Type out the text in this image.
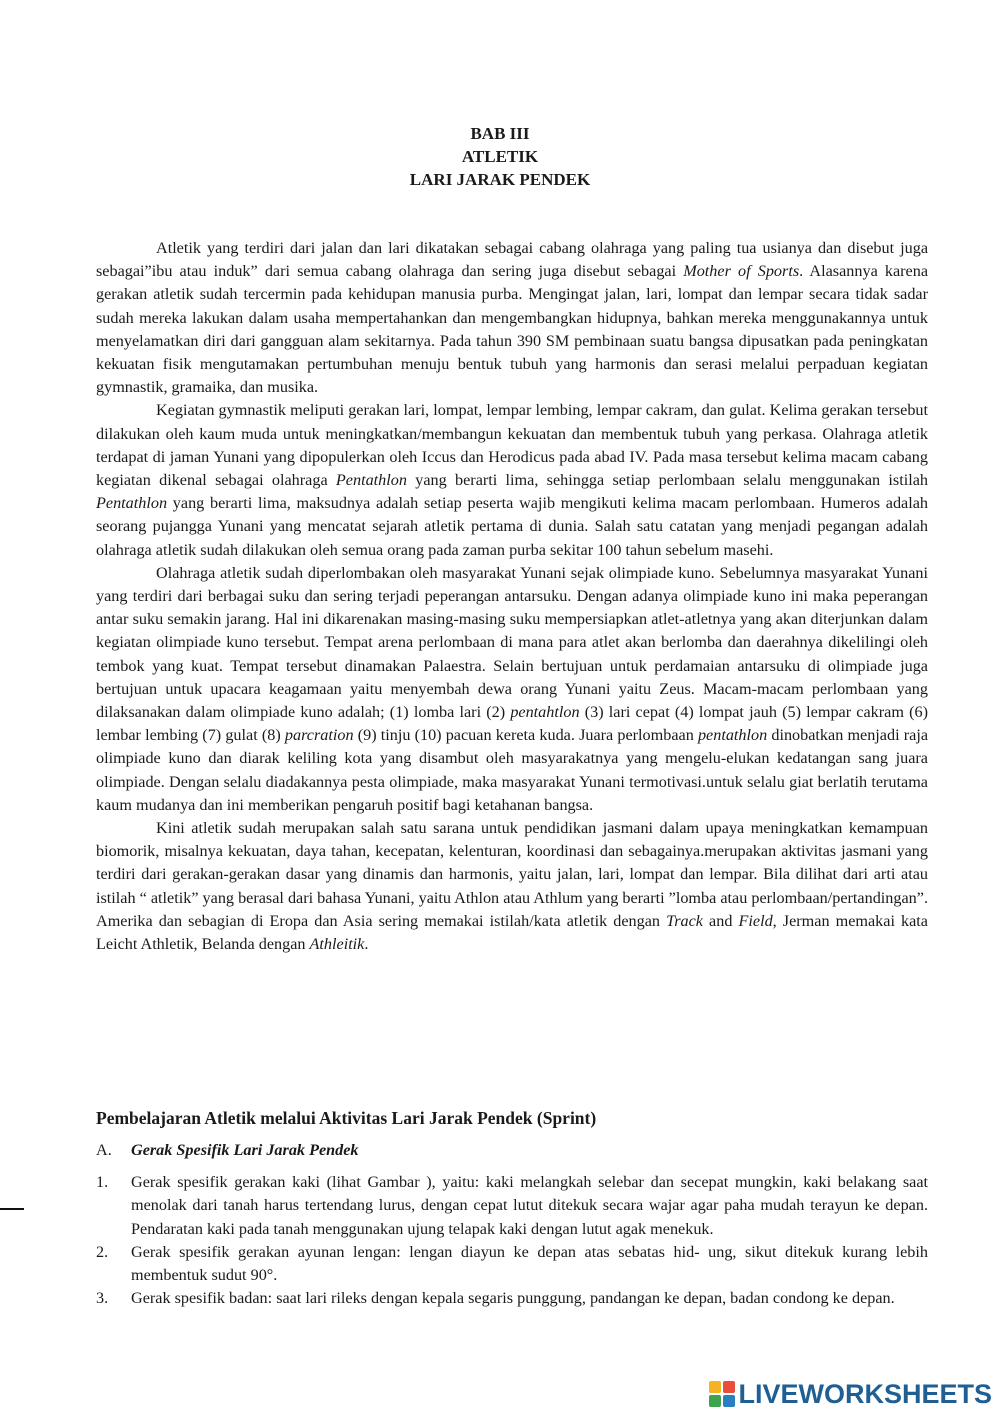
BAB III
ATLETIK
LARI JARAK PENDEK

Atletik yang terdiri dari jalan dan lari dikatakan sebagai cabang olahraga yang paling tua usianya dan disebut juga sebagai”ibu atau induk” dari semua cabang olahraga dan sering juga disebut sebagai Mother of Sports. Alasannya karena gerakan atletik sudah tercermin pada kehidupan manusia purba. Mengingat jalan, lari, lompat dan lempar secara tidak sadar sudah mereka lakukan dalam usaha mempertahankan dan mengembangkan hidupnya, bahkan mereka menggunakannya untuk menyelamatkan diri dari gangguan alam sekitarnya. Pada tahun 390 SM pembinaan suatu bangsa dipusatkan pada peningkatan kekuatan fisik mengutamakan pertumbuhan menuju bentuk tubuh yang harmonis dan serasi melalui perpaduan kegiatan gymnastik, gramaika, dan musika.

Kegiatan gymnastik meliputi gerakan lari, lompat, lempar lembing, lempar cakram, dan gulat. Kelima gerakan tersebut dilakukan oleh kaum muda untuk meningkatkan/membangun kekuatan dan membentuk tubuh yang perkasa. Olahraga atletik terdapat di jaman Yunani yang dipopulerkan oleh Iccus dan Herodicus pada abad IV. Pada masa tersebut kelima macam cabang kegiatan dikenal sebagai olahraga Pentathlon yang berarti lima, sehingga setiap perlombaan selalu menggunakan istilah Pentathlon yang berarti lima, maksudnya adalah setiap peserta wajib mengikuti kelima macam perlombaan. Humeros adalah seorang pujangga Yunani yang mencatat sejarah atletik pertama di dunia. Salah satu catatan yang menjadi pegangan adalah olahraga atletik sudah dilakukan oleh semua orang pada zaman purba sekitar 100 tahun sebelum masehi.

Olahraga atletik sudah diperlombakan oleh masyarakat Yunani sejak olimpiade kuno. Sebelumnya masyarakat Yunani yang terdiri dari berbagai suku dan sering terjadi peperangan antarsuku. Dengan adanya olimpiade kuno ini maka peperangan antar suku semakin jarang. Hal ini dikarenakan masing-masing suku mempersiapkan atlet-atletnya yang akan diterjunkan dalam kegiatan olimpiade kuno tersebut. Tempat arena perlombaan di mana para atlet akan berlomba dan daerahnya dikelilingi oleh tembok yang kuat. Tempat tersebut dinamakan Palaestra. Selain bertujuan untuk perdamaian antarsuku di olimpiade juga bertujuan untuk upacara keagamaan yaitu menyembah dewa orang Yunani yaitu Zeus. Macam-macam perlombaan yang dilaksanakan dalam olimpiade kuno adalah; (1) lomba lari (2) pentahtlon (3) lari cepat (4) lompat jauh (5) lempar cakram (6) lembar lembing (7) gulat (8) parcration (9) tinju (10) pacuan kereta kuda. Juara perlombaan pentathlon dinobatkan menjadi raja olimpiade kuno dan diarak keliling kota yang disambut oleh masyarakatnya yang mengelu-elukan kedatangan sang juara olimpiade. Dengan selalu diadakannya pesta olimpiade, maka masyarakat Yunani termotivasi.untuk selalu giat berlatih terutama kaum mudanya dan ini memberikan pengaruh positif bagi ketahanan bangsa.

Kini atletik sudah merupakan salah satu sarana untuk pendidikan jasmani dalam upaya meningkatkan kemampuan biomorik, misalnya kekuatan, daya tahan, kecepatan, kelenturan, koordinasi dan sebagainya.merupakan aktivitas jasmani yang terdiri dari gerakan-gerakan dasar yang dinamis dan harmonis, yaitu jalan, lari, lompat dan lempar. Bila dilihat dari arti atau istilah “ atletik” yang berasal dari bahasa Yunani, yaitu Athlon atau Athlum yang berarti ”lomba atau perlombaan/pertandingan”. Amerika dan sebagian di Eropa dan Asia sering memakai istilah/kata atletik dengan Track and Field, Jerman memakai kata Leicht Athletik, Belanda dengan Athleitik.

Pembelajaran Atletik melalui Aktivitas Lari Jarak Pendek (Sprint)
A. Gerak Spesifik Lari Jarak Pendek
1. Gerak spesifik gerakan kaki (lihat Gambar ), yaitu: kaki melangkah selebar dan secepat mungkin, kaki belakang saat menolak dari tanah harus tertendang lurus, dengan cepat lutut ditekuk secara wajar agar paha mudah terayun ke depan. Pendaratan kaki pada tanah menggunakan ujung telapak kaki dengan lutut agak menekuk.
2. Gerak spesifik gerakan ayunan lengan: lengan diayun ke depan atas sebatas hid- ung, sikut ditekuk kurang lebih membentuk sudut 90°.
3. Gerak spesifik badan: saat lari rileks dengan kepala segaris punggung, pandangan ke depan, badan condong ke depan.
LIVEWORKSHEETS
